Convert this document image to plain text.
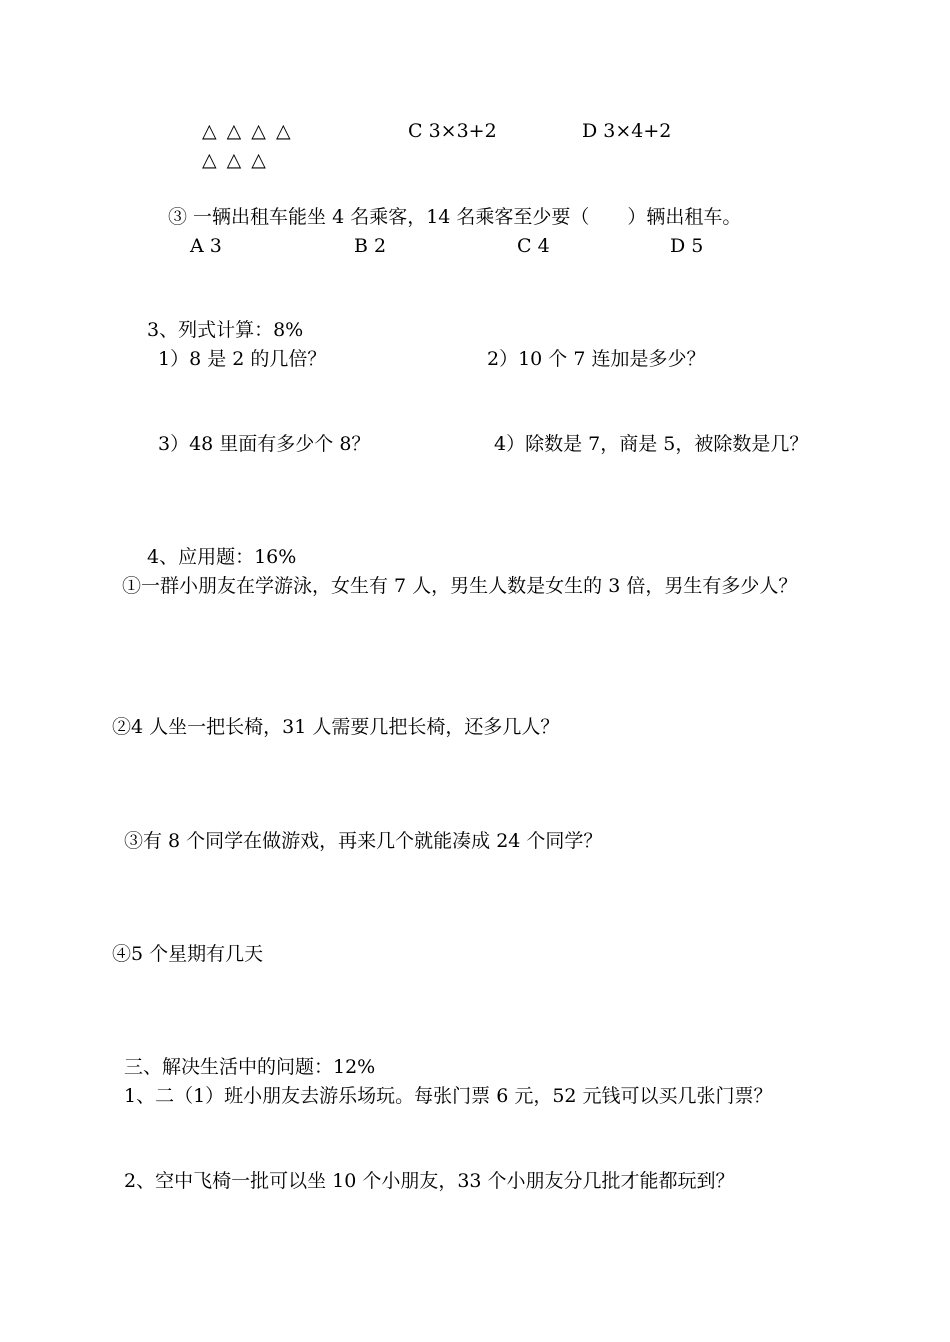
△ △ △ △
△ △ △
C 3×3+2	D 3×4+2
③ 一辆出租车能坐 4 名乘客，14 名乘客至少要（　　）辆出租车。
A 3	B 2	C 4	D 5
3、列式计算：8%
1）8 是 2 的几倍？	2）10 个 7 连加是多少？
3）48 里面有多少个 8？	4）除数是 7，商是 5，被除数是几？
4、应用题：16%
①一群小朋友在学游泳，女生有 7 人，男生人数是女生的 3 倍，男生有多少人？
②4 人坐一把长椅，31 人需要几把长椅，还多几人？
③有 8 个同学在做游戏，再来几个就能凑成 24 个同学？
④5 个星期有几天
三、解决生活中的问题：12%
1、二（1）班小朋友去游乐场玩。每张门票 6 元，52 元钱可以买几张门票？
2、空中飞椅一批可以坐 10 个小朋友，33 个小朋友分几批才能都玩到？
